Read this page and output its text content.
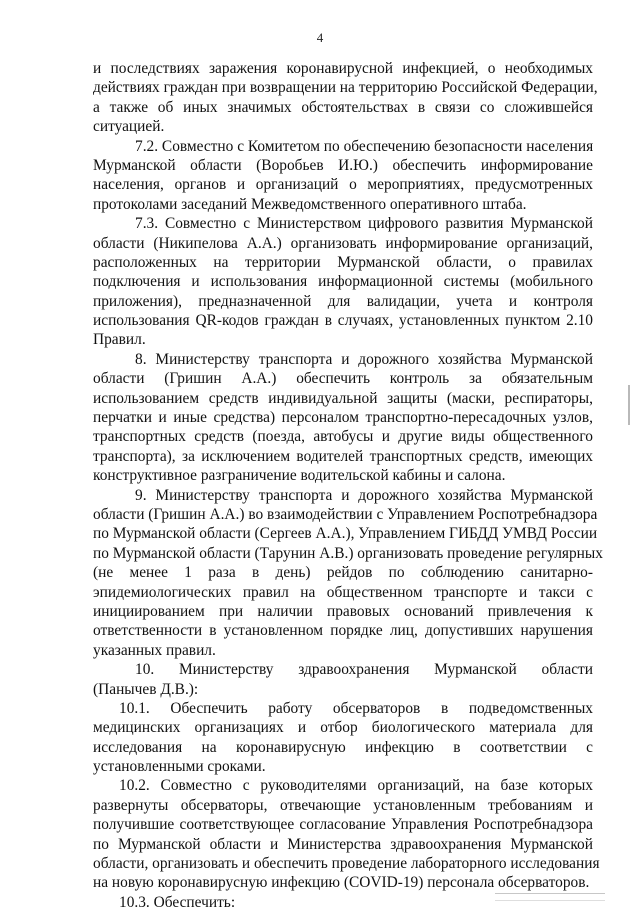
4
и последствиях заражения коронавирусной инфекцией, о необходимых
действиях граждан при возвращении на территорию Российской Федерации,
а также об иных значимых обстоятельствах в связи со сложившейся
ситуацией.
7.2. Совместно с Комитетом по обеспечению безопасности населения
Мурманской области (Воробьев И.Ю.) обеспечить информирование
населения, органов и организаций о мероприятиях, предусмотренных
протоколами заседаний Межведомственного оперативного штаба.
7.3. Совместно с Министерством цифрового развития Мурманской
области (Никипелова А.А.) организовать информирование организаций,
расположенных на территории Мурманской области, о правилах
подключения и использования информационной системы (мобильного
приложения), предназначенной для валидации, учета и контроля
использования QR-кодов граждан в случаях, установленных пунктом 2.10
Правил.
8. Министерству транспорта и дорожного хозяйства Мурманской
области (Гришин А.А.) обеспечить контроль за обязательным
использованием средств индивидуальной защиты (маски, респираторы,
перчатки и иные средства) персоналом транспортно-пересадочных узлов,
транспортных средств (поезда, автобусы и другие виды общественного
транспорта), за исключением водителей транспортных средств, имеющих
конструктивное разграничение водительской кабины и салона.
9. Министерству транспорта и дорожного хозяйства Мурманской
области (Гришин А.А.) во взаимодействии с Управлением Роспотребнадзора
по Мурманской области (Сергеев А.А.), Управлением ГИБДД УМВД России
по Мурманской области (Тарунин А.В.) организовать проведение регулярных
(не менее 1 раза в день) рейдов по соблюдению санитарно-
эпидемиологических правил на общественном транспорте и такси с
инициированием при наличии правовых оснований привлечения к
ответственности в установленном порядке лиц, допустивших нарушения
указанных правил.
10. Министерству здравоохранения Мурманской области
(Панычев Д.В.):
10.1. Обеспечить работу обсерваторов в подведомственных
медицинских организациях и отбор биологического материала для
исследования на коронавирусную инфекцию в соответствии с
установленными сроками.
10.2. Совместно с руководителями организаций, на базе которых
развернуты обсерваторы, отвечающие установленным требованиям и
получившие соответствующее согласование Управления Роспотребнадзора
по Мурманской области и Министерства здравоохранения Мурманской
области, организовать и обеспечить проведение лабораторного исследования
на новую коронавирусную инфекцию (COVID-19) персонала обсерваторов.
10.3. Обеспечить:
